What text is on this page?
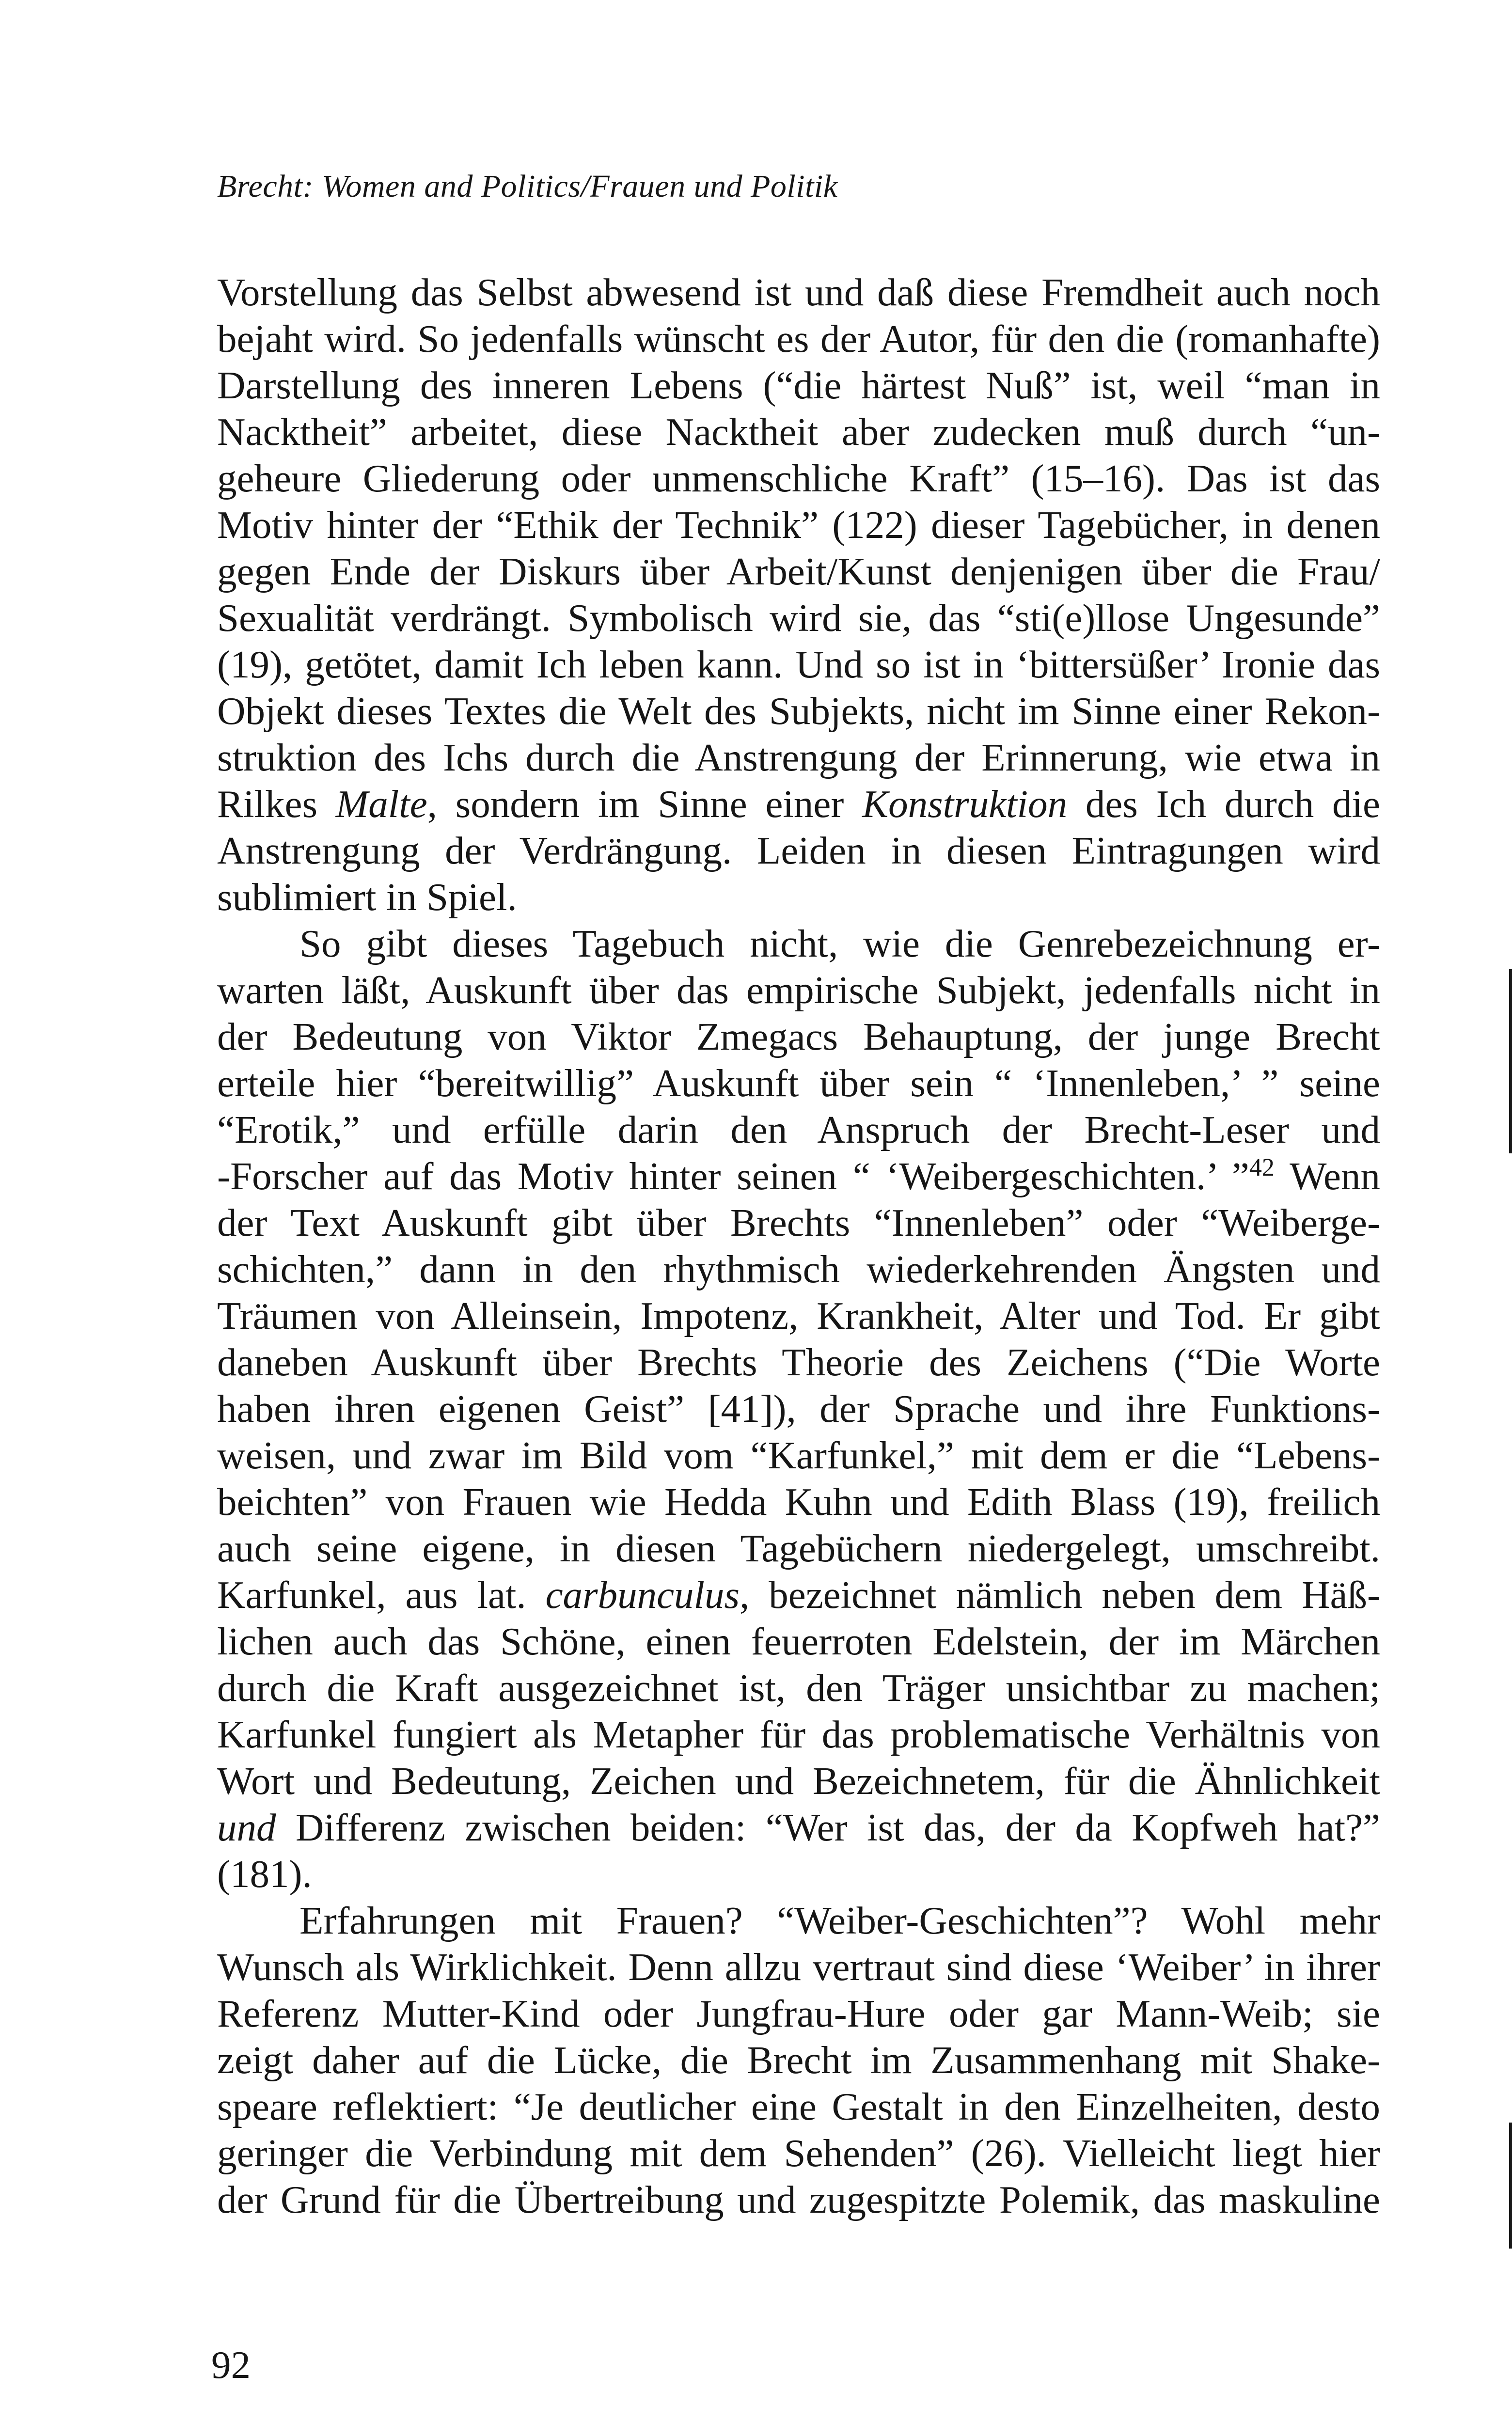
Brecht: Women and Politics/Frauen und Politik
Vorstellung das Selbst abwesend ist und daß diese Fremdheit auch noch
bejaht wird. So jedenfalls wünscht es der Autor, für den die (romanhafte)
Darstellung des inneren Lebens (“die härtest Nuß” ist, weil “man in
Nacktheit” arbeitet, diese Nacktheit aber zudecken muß durch “un-
geheure Gliederung oder unmenschliche Kraft” (15–16). Das ist das
Motiv hinter der “Ethik der Technik” (122) dieser Tagebücher, in denen
gegen Ende der Diskurs über Arbeit/Kunst denjenigen über die Frau/
Sexualität verdrängt. Symbolisch wird sie, das “sti(e)llose Ungesunde”
(19), getötet, damit Ich leben kann. Und so ist in ‘bittersüßer’ Ironie das
Objekt dieses Textes die Welt des Subjekts, nicht im Sinne einer Rekon-
struktion des Ichs durch die Anstrengung der Erinnerung, wie etwa in
Rilkes Malte, sondern im Sinne einer Konstruktion des Ich durch die
Anstrengung der Verdrängung. Leiden in diesen Eintragungen wird
sublimiert in Spiel.
So gibt dieses Tagebuch nicht, wie die Genrebezeichnung er-
warten läßt, Auskunft über das empirische Subjekt, jedenfalls nicht in
der Bedeutung von Viktor Zmegacs Behauptung, der junge Brecht
erteile hier “bereitwillig” Auskunft über sein “ ‘Innenleben,’ ” seine
“Erotik,” und erfülle darin den Anspruch der Brecht-Leser und
-Forscher auf das Motiv hinter seinen “ ‘Weibergeschichten.’ ”$^{42}$ Wenn
der Text Auskunft gibt über Brechts “Innenleben” oder “Weiberge-
schichten,” dann in den rhythmisch wiederkehrenden Ängsten und
Träumen von Alleinsein, Impotenz, Krankheit, Alter und Tod. Er gibt
daneben Auskunft über Brechts Theorie des Zeichens (“Die Worte
haben ihren eigenen Geist” [41]), der Sprache und ihre Funktions-
weisen, und zwar im Bild vom “Karfunkel,” mit dem er die “Lebens-
beichten” von Frauen wie Hedda Kuhn und Edith Blass (19), freilich
auch seine eigene, in diesen Tagebüchern niedergelegt, umschreibt.
Karfunkel, aus lat. carbunculus, bezeichnet nämlich neben dem Häß-
lichen auch das Schöne, einen feuerroten Edelstein, der im Märchen
durch die Kraft ausgezeichnet ist, den Träger unsichtbar zu machen;
Karfunkel fungiert als Metapher für das problematische Verhältnis von
Wort und Bedeutung, Zeichen und Bezeichnetem, für die Ähnlichkeit
und Differenz zwischen beiden: “Wer ist das, der da Kopfweh hat?”
(181).
Erfahrungen mit Frauen? “Weiber-Geschichten”? Wohl mehr
Wunsch als Wirklichkeit. Denn allzu vertraut sind diese ‘Weiber’ in ihrer
Referenz Mutter-Kind oder Jungfrau-Hure oder gar Mann-Weib; sie
zeigt daher auf die Lücke, die Brecht im Zusammenhang mit Shake-
speare reflektiert: “Je deutlicher eine Gestalt in den Einzelheiten, desto
geringer die Verbindung mit dem Sehenden” (26). Vielleicht liegt hier
der Grund für die Übertreibung und zugespitzte Polemik, das maskuline
92
